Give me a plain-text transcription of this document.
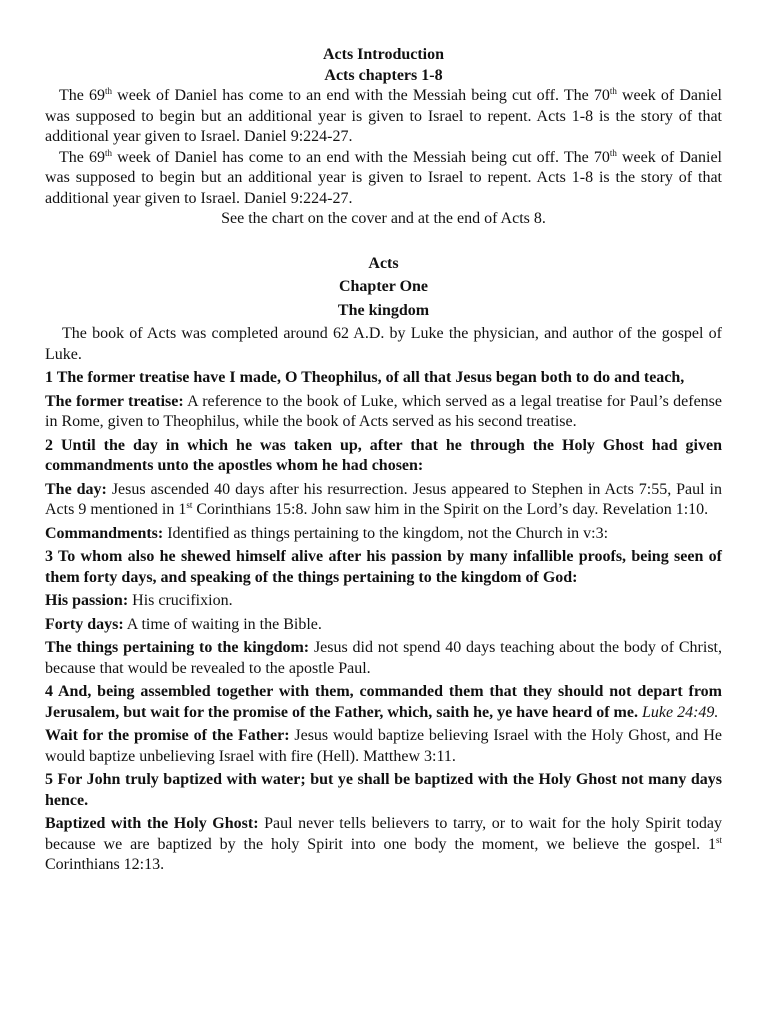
Acts Introduction

Acts chapters 1-8

The 69th week of Daniel has come to an end with the Messiah being cut off. The 70th week of Daniel was supposed to begin but an additional year is given to Israel to repent. Acts 1-8 is the story of that additional year given to Israel. Daniel 9:224-27.

The 69th week of Daniel has come to an end with the Messiah being cut off. The 70th week of Daniel was supposed to begin but an additional year is given to Israel to repent. Acts 1-8 is the story of that additional year given to Israel. Daniel 9:224-27.

See the chart on the cover and at the end of Acts 8.

Acts

Chapter One

The kingdom

The book of Acts was completed around 62 A.D. by Luke the physician, and author of the gospel of Luke.

1 The former treatise have I made, O Theophilus, of all that Jesus began both to do and teach,

The former treatise: A reference to the book of Luke, which served as a legal treatise for Paul’s defense in Rome, given to Theophilus, while the book of Acts served as his second treatise.

2 Until the day in which he was taken up, after that he through the Holy Ghost had given commandments unto the apostles whom he had chosen:

The day: Jesus ascended 40 days after his resurrection. Jesus appeared to Stephen in Acts 7:55, Paul in Acts 9 mentioned in 1st Corinthians 15:8. John saw him in the Spirit on the Lord’s day. Revelation 1:10.

Commandments: Identified as things pertaining to the kingdom, not the Church in v:3:

3 To whom also he shewed himself alive after his passion by many infallible proofs, being seen of them forty days, and speaking of the things pertaining to the kingdom of God:

His passion: His crucifixion.

Forty days: A time of waiting in the Bible.

The things pertaining to the kingdom: Jesus did not spend 40 days teaching about the body of Christ, because that would be revealed to the apostle Paul.

4 And, being assembled together with them, commanded them that they should not depart from Jerusalem, but wait for the promise of the Father, which, saith he, ye have heard of me. Luke 24:49.

Wait for the promise of the Father: Jesus would baptize believing Israel with the Holy Ghost, and He would baptize unbelieving Israel with fire (Hell). Matthew 3:11.

5 For John truly baptized with water; but ye shall be baptized with the Holy Ghost not many days hence.

Baptized with the Holy Ghost: Paul never tells believers to tarry, or to wait for the holy Spirit today because we are baptized by the holy Spirit into one body the moment, we believe the gospel. 1st Corinthians 12:13.
